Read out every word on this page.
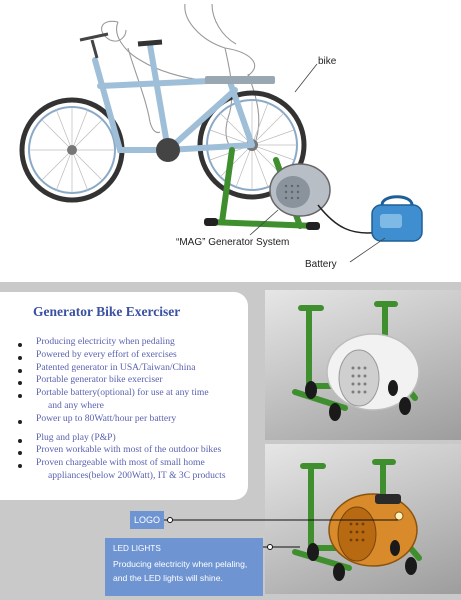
bike
“MAG” Generator System
Battery
Generator Bike Exerciser
Producing electricity when pedaling
Powered by every effort of exercises
Patented generator in USA/Taiwan/China
Portable generator bike exerciser
Portable battery(optional) for use at any time
and any where
Power up to 80Watt/hour per battery
Plug and play (P&P)
Proven workable with most of the outdoor bikes
Proven chargeable with most of small home
appliances(below 200Watt), IT & 3C products
LOGO
LED LIGHTS
Producing electricity when pelaling,
and the LED lights will shine.
